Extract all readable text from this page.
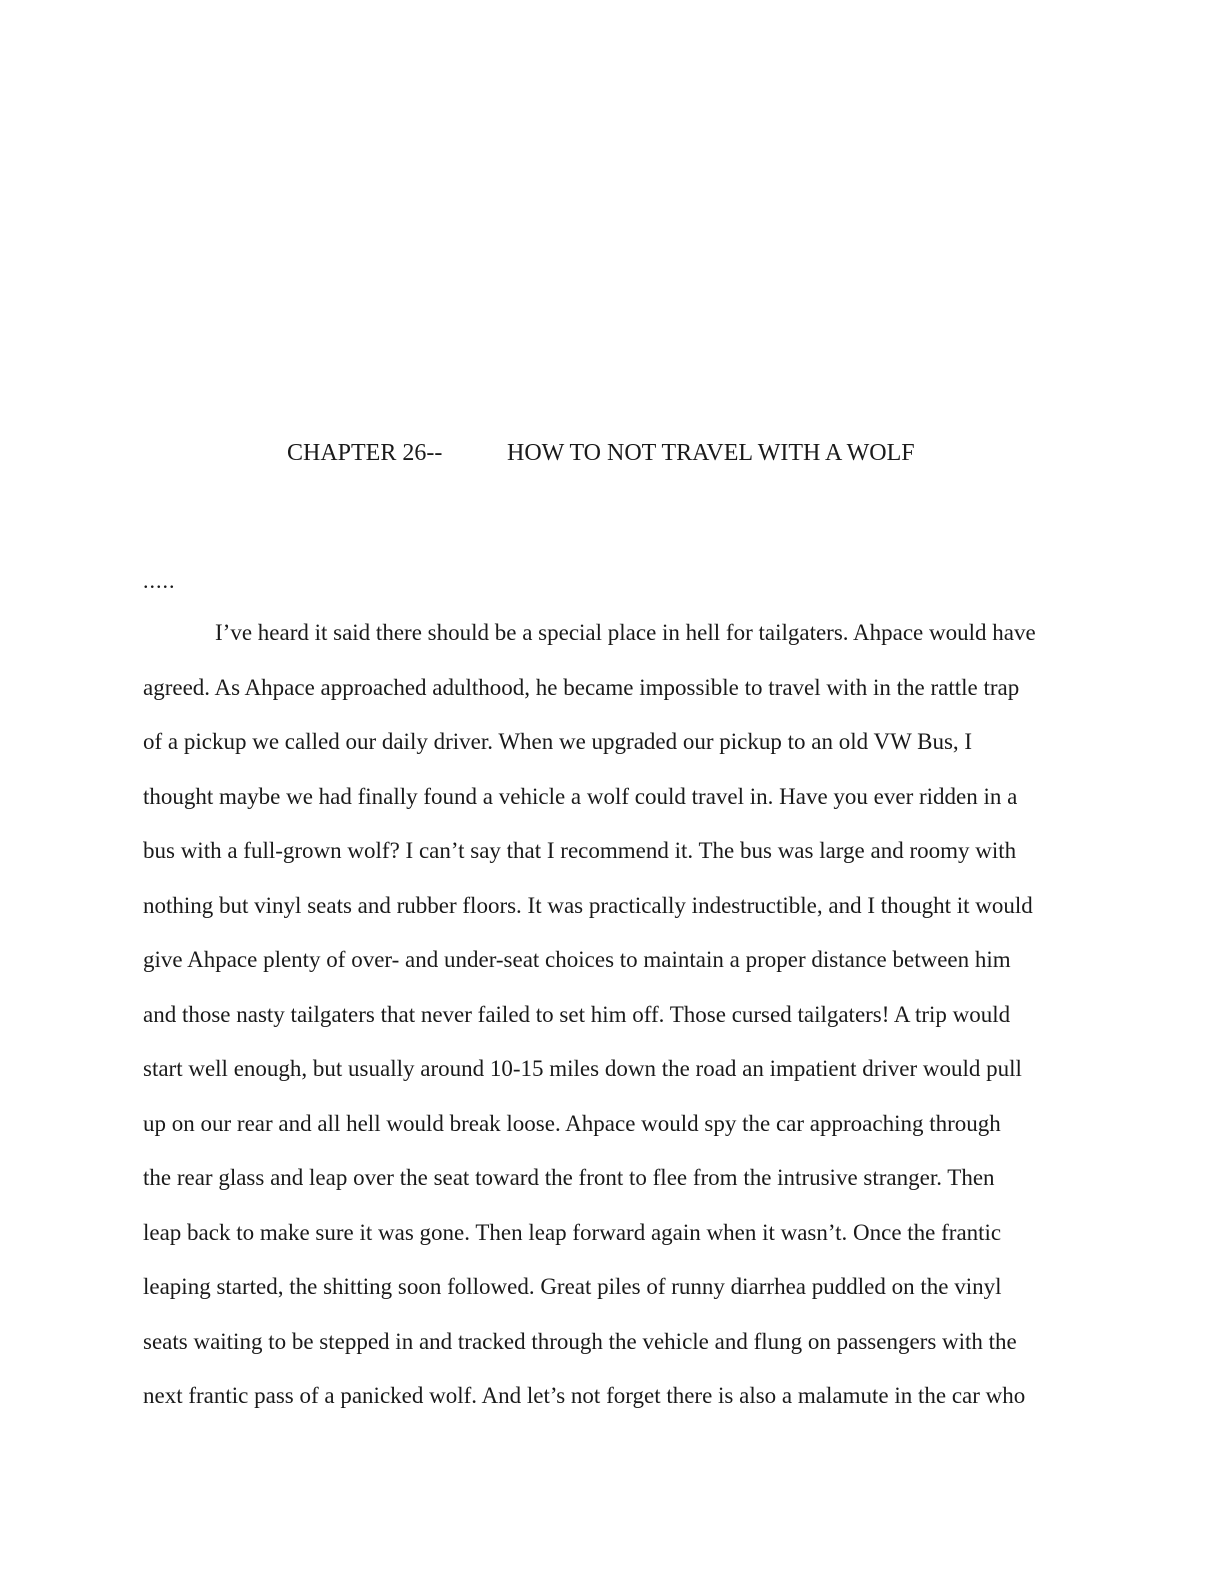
CHAPTER 26--	HOW TO NOT TRAVEL WITH A WOLF
.....
I’ve heard it said there should be a special place in hell for tailgaters. Ahpace would have
agreed. As Ahpace approached adulthood, he became impossible to travel with in the rattle trap
of a pickup we called our daily driver. When we upgraded our pickup to an old VW Bus, I
thought maybe we had finally found a vehicle a wolf could travel in. Have you ever ridden in a
bus with a full-grown wolf? I can’t say that I recommend it. The bus was large and roomy with
nothing but vinyl seats and rubber floors. It was practically indestructible, and I thought it would
give Ahpace plenty of over- and under-seat choices to maintain a proper distance between him
and those nasty tailgaters that never failed to set him off. Those cursed tailgaters! A trip would
start well enough, but usually around 10-15 miles down the road an impatient driver would pull
up on our rear and all hell would break loose. Ahpace would spy the car approaching through
the rear glass and leap over the seat toward the front to flee from the intrusive stranger. Then
leap back to make sure it was gone. Then leap forward again when it wasn’t. Once the frantic
leaping started, the shitting soon followed. Great piles of runny diarrhea puddled on the vinyl
seats waiting to be stepped in and tracked through the vehicle and flung on passengers with the
next frantic pass of a panicked wolf. And let’s not forget there is also a malamute in the car who
